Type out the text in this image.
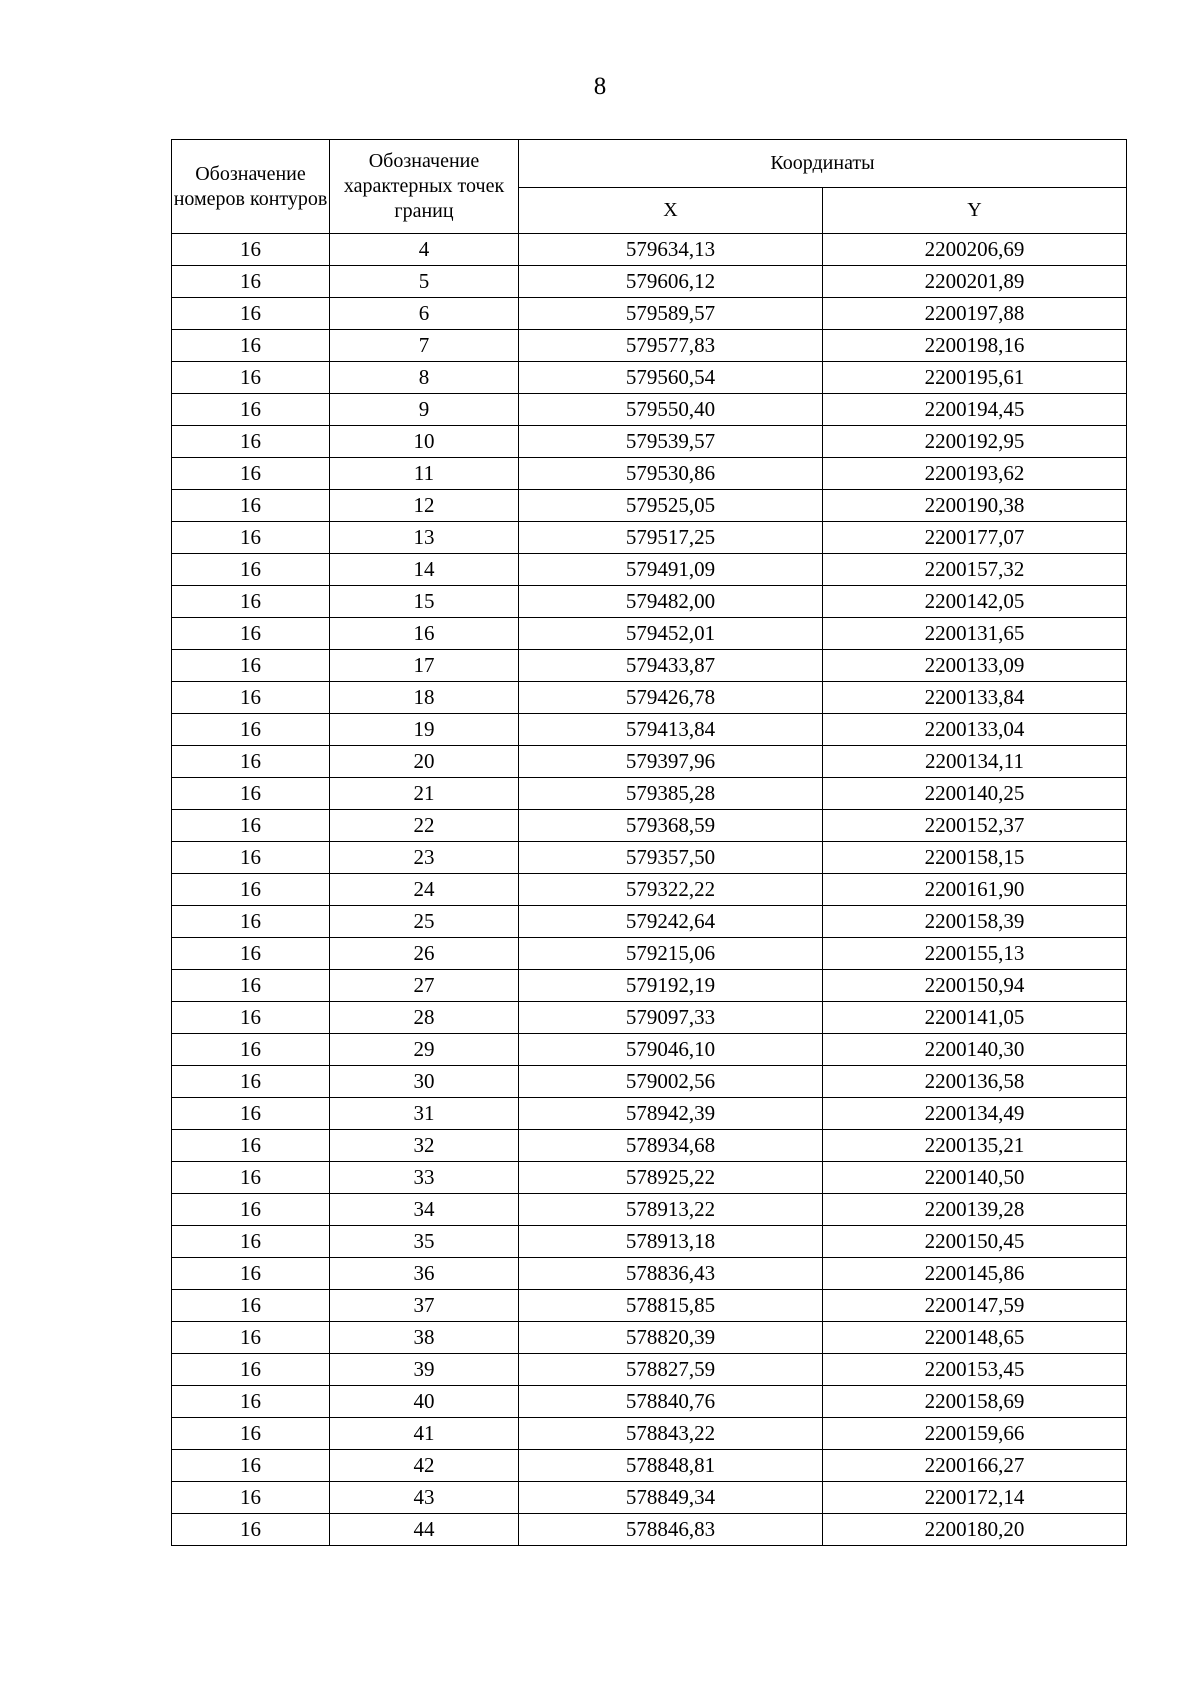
8
Обозначение номеров контуров	Обозначение характерных точек границ	Координаты	
		X	Y
16	4	579634,13	2200206,69
16	5	579606,12	2200201,89
16	6	579589,57	2200197,88
16	7	579577,83	2200198,16
16	8	579560,54	2200195,61
16	9	579550,40	2200194,45
16	10	579539,57	2200192,95
16	11	579530,86	2200193,62
16	12	579525,05	2200190,38
16	13	579517,25	2200177,07
16	14	579491,09	2200157,32
16	15	579482,00	2200142,05
16	16	579452,01	2200131,65
16	17	579433,87	2200133,09
16	18	579426,78	2200133,84
16	19	579413,84	2200133,04
16	20	579397,96	2200134,11
16	21	579385,28	2200140,25
16	22	579368,59	2200152,37
16	23	579357,50	2200158,15
16	24	579322,22	2200161,90
16	25	579242,64	2200158,39
16	26	579215,06	2200155,13
16	27	579192,19	2200150,94
16	28	579097,33	2200141,05
16	29	579046,10	2200140,30
16	30	579002,56	2200136,58
16	31	578942,39	2200134,49
16	32	578934,68	2200135,21
16	33	578925,22	2200140,50
16	34	578913,22	2200139,28
16	35	578913,18	2200150,45
16	36	578836,43	2200145,86
16	37	578815,85	2200147,59
16	38	578820,39	2200148,65
16	39	578827,59	2200153,45
16	40	578840,76	2200158,69
16	41	578843,22	2200159,66
16	42	578848,81	2200166,27
16	43	578849,34	2200172,14
16	44	578846,83	2200180,20
